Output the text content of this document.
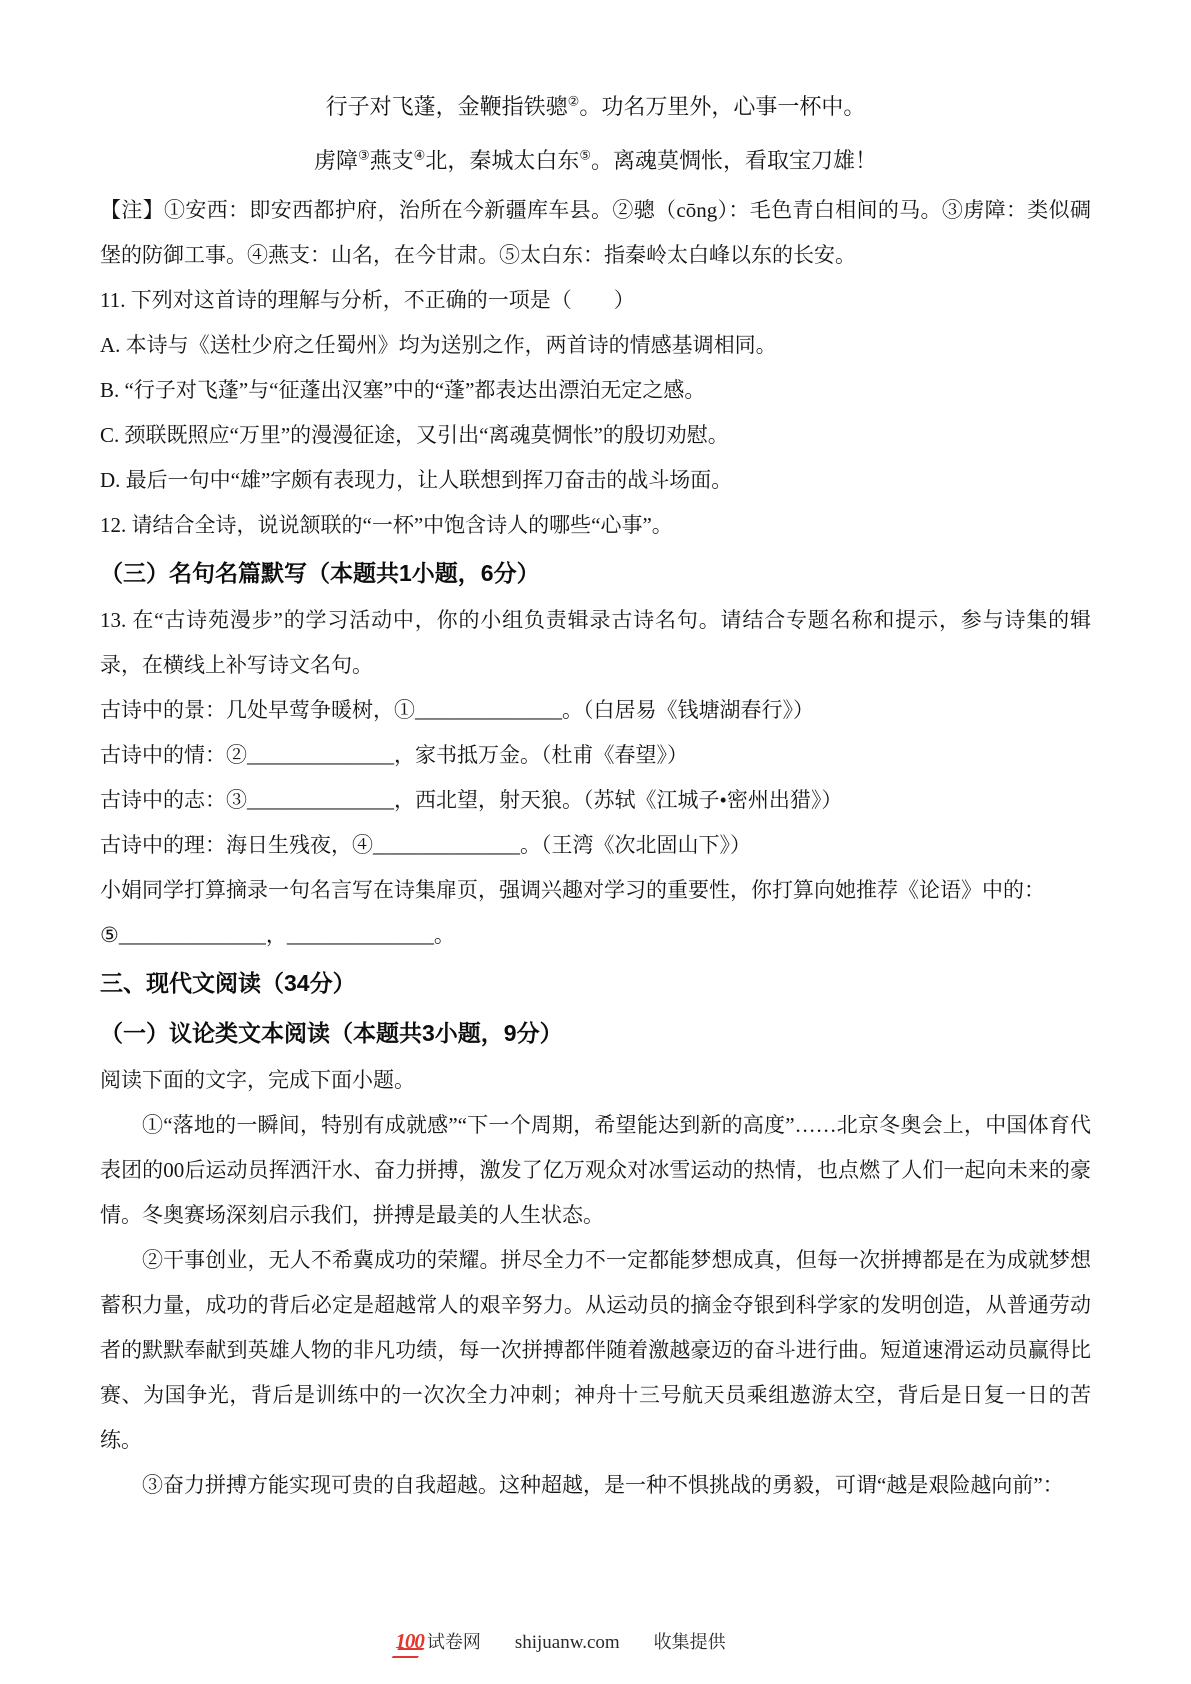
行子对飞蓬，金鞭指铁骢②。功名万里外，心事一杯中。
虏障③燕支④北，秦城太白东⑤。离魂莫惆怅，看取宝刀雄！

【注】①安西：即安西都护府，治所在今新疆库车县。②骢（cōng）：毛色青白相间的马。③虏障：类似碉堡的防御工事。④燕支：山名，在今甘肃。⑤太白东：指秦岭太白峰以东的长安。

11. 下列对这首诗的理解与分析，不正确的一项是（　　）

A. 本诗与《送杜少府之任蜀州》均为送别之作，两首诗的情感基调相同。

B. “行子对飞蓬”与“征蓬出汉塞”中的“蓬”都表达出漂泊无定之感。

C. 颈联既照应“万里”的漫漫征途，又引出“离魂莫惆怅”的殷切劝慰。

D. 最后一句中“雄”字颇有表现力，让人联想到挥刀奋击的战斗场面。

12. 请结合全诗，说说颔联的“一杯”中饱含诗人的哪些“心事”。

（三）名句名篇默写（本题共1小题，6分）

13. 在“古诗苑漫步”的学习活动中，你的小组负责辑录古诗名句。请结合专题名称和提示，参与诗集的辑录，在横线上补写诗文名句。

古诗中的景：几处早莺争暖树，①______________。（白居易《钱塘湖春行》）

古诗中的情：②______________，家书抵万金。（杜甫《春望》）

古诗中的志：③______________，西北望，射天狼。（苏轼《江城子•密州出猎》）

古诗中的理：海日生残夜，④______________。（王湾《次北固山下》）

小娟同学打算摘录一句名言写在诗集扉页，强调兴趣对学习的重要性，你打算向她推荐《论语》中的：

⑤______________，______________。

三、现代文阅读（34分）
（一）议论类文本阅读（本题共3小题，9分）

阅读下面的文字，完成下面小题。

①“落地的一瞬间，特别有成就感”“下一个周期，希望能达到新的高度”……北京冬奥会上，中国体育代表团的00后运动员挥洒汗水、奋力拼搏，激发了亿万观众对冰雪运动的热情，也点燃了人们一起向未来的豪情。冬奥赛场深刻启示我们，拼搏是最美的人生状态。

②干事创业，无人不希冀成功的荣耀。拼尽全力不一定都能梦想成真，但每一次拼搏都是在为成就梦想蓄积力量，成功的背后必定是超越常人的艰辛努力。从运动员的摘金夺银到科学家的发明创造，从普通劳动者的默默奉献到英雄人物的非凡功绩，每一次拼搏都伴随着激越豪迈的奋斗进行曲。短道速滑运动员赢得比赛、为国争光，背后是训练中的一次次全力冲刺；神舟十三号航天员乘组遨游太空，背后是日复一日的苦练。

③奋力拼搏方能实现可贵的自我超越。这种超越，是一种不惧挑战的勇毅，可谓“越是艰险越向前”：

100 试卷网 shijuanw.com 收集提供
